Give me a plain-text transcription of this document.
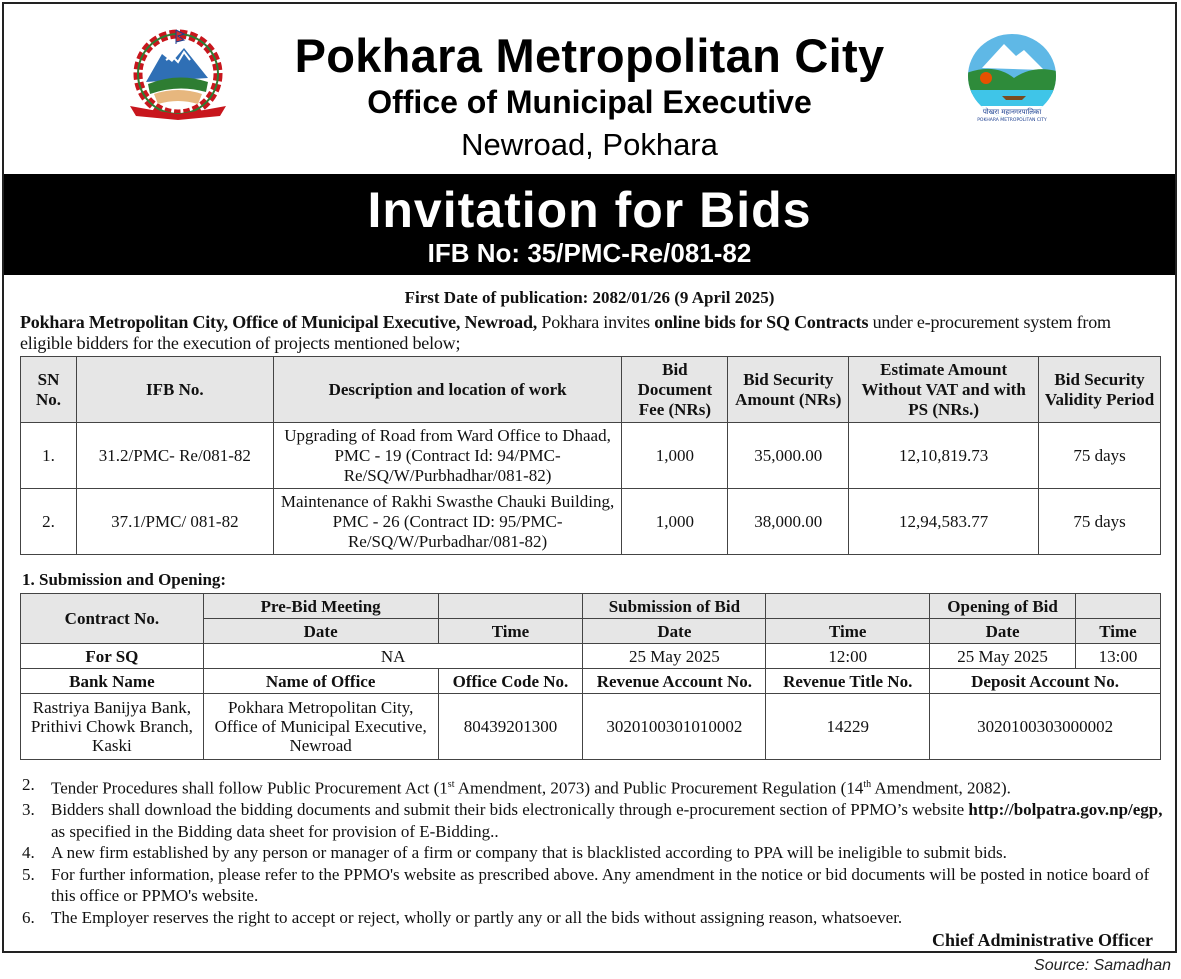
Pokhara Metropolitan City
Office of Municipal Executive
Newroad, Pokhara
पोखरा महानगरपालिका
POKHARA METROPOLITAN CITY
Invitation for Bids
IFB No: 35/PMC-Re/081-82
First Date of publication: 2082/01/26 (9 April 2025)
Pokhara Metropolitan City, Office of Municipal Executive, Newroad, Pokhara invites online bids for SQ Contracts under e-procurement system from eligible bidders for the execution of projects mentioned below;
SN No.	IFB No.	Description and location of work	Bid Document Fee (NRs)	Bid Security Amount (NRs)	Estimate Amount Without VAT and with PS (NRs.)	Bid Security Validity Period
1.	31.2/PMC- Re/081-82	Upgrading of Road from Ward Office to Dhaad, PMC - 19 (Contract Id: 94/PMC-Re/SQ/W/Purbhadhar/081-82)	1,000	35,000.00	12,10,819.73	75 days
2.	37.1/PMC/ 081-82	Maintenance of Rakhi Swasthe Chauki Building, PMC - 26 (Contract ID: 95/PMC-Re/SQ/W/Purbadhar/081-82)	1,000	38,000.00	12,94,583.77	75 days
1. Submission and Opening:
Contract No.	Pre-Bid Meeting		Submission of Bid		Opening of Bid	
	Date	Time	Date	Time	Date	Time
For SQ	NA		25 May 2025	12:00	25 May 2025	13:00
Bank Name	Name of Office	Office Code No.	Revenue Account No.	Revenue Title No.	Deposit Account No.	
Rastriya Banijya Bank, Prithivi Chowk Branch, Kaski	Pokhara Metropolitan City, Office of Municipal Executive, Newroad	80439201300	3020100301010002	14229	3020100303000002	
2. Tender Procedures shall follow Public Procurement Act (1st Amendment, 2073) and Public Procurement Regulation (14th Amendment, 2082).
3. Bidders shall download the bidding documents and submit their bids electronically through e-procurement section of PPMO’s website http://bolpatra.gov.np/egp, as specified in the Bidding data sheet for provision of E-Bidding..
4. A new firm established by any person or manager of a firm or company that is blacklisted according to PPA will be ineligible to submit bids.
5. For further information, please refer to the PPMO's website as prescribed above. Any amendment in the notice or bid documents will be posted in notice board of this office or PPMO's website.
6. The Employer reserves the right to accept or reject, wholly or partly any or all the bids without assigning reason, whatsoever.
Chief Administrative Officer
Source: Samadhan
